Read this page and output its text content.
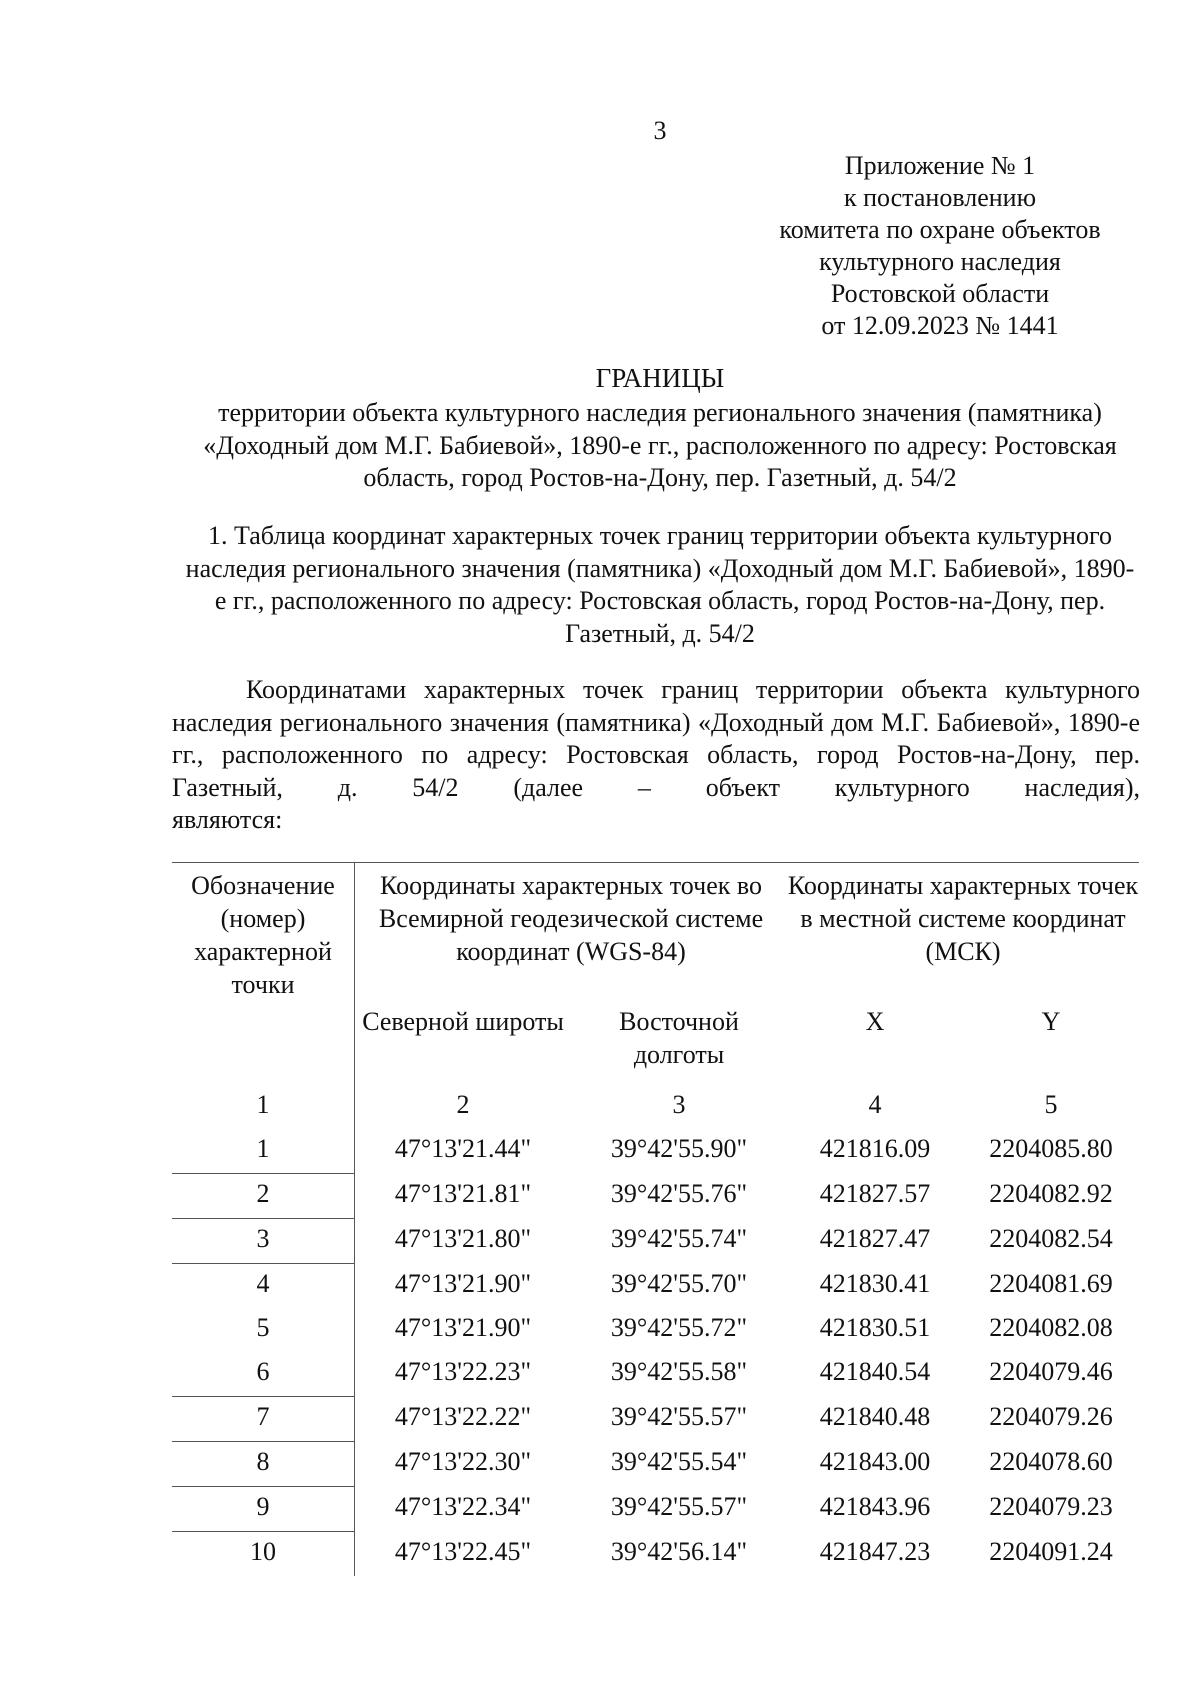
3
Приложение № 1
к постановлению
комитета по охране объектов
культурного наследия
Ростовской области
от 12.09.2023 № 1441
ГРАНИЦЫ
территории объекта культурного наследия регионального значения (памятника) «Доходный дом М.Г. Бабиевой», 1890-е гг., расположенного по адресу: Ростовская область, город Ростов-на-Дону, пер. Газетный, д. 54/2
1. Таблица координат характерных точек границ территории объекта культурного наследия регионального значения (памятника) «Доходный дом М.Г. Бабиевой», 1890-е гг., расположенного по адресу: Ростовская область, город Ростов-на-Дону, пер. Газетный, д. 54/2
Координатами характерных точек границ территории объекта культурного наследия регионального значения (памятника) «Доходный дом М.Г. Бабиевой», 1890-е гг., расположенного по адресу: Ростовская область, город Ростов-на-Дону, пер. Газетный, д. 54/2 (далее – объект культурного наследия),
являются:
Обозначение (номер) характерной точки	Координаты характерных точек во Всемирной геодезической системе координат (WGS-84)		Координаты характерных точек в местной системе координат (МСК)	
	Северной широты	Восточной долготы	X	Y
1	2	3	4	5
1	47°13'21.44"	39°42'55.90"	421816.09	2204085.80
2	47°13'21.81"	39°42'55.76"	421827.57	2204082.92
3	47°13'21.80"	39°42'55.74"	421827.47	2204082.54
4	47°13'21.90"	39°42'55.70"	421830.41	2204081.69
5	47°13'21.90"	39°42'55.72"	421830.51	2204082.08
6	47°13'22.23"	39°42'55.58"	421840.54	2204079.46
7	47°13'22.22"	39°42'55.57"	421840.48	2204079.26
8	47°13'22.30"	39°42'55.54"	421843.00	2204078.60
9	47°13'22.34"	39°42'55.57"	421843.96	2204079.23
10	47°13'22.45"	39°42'56.14"	421847.23	2204091.24
